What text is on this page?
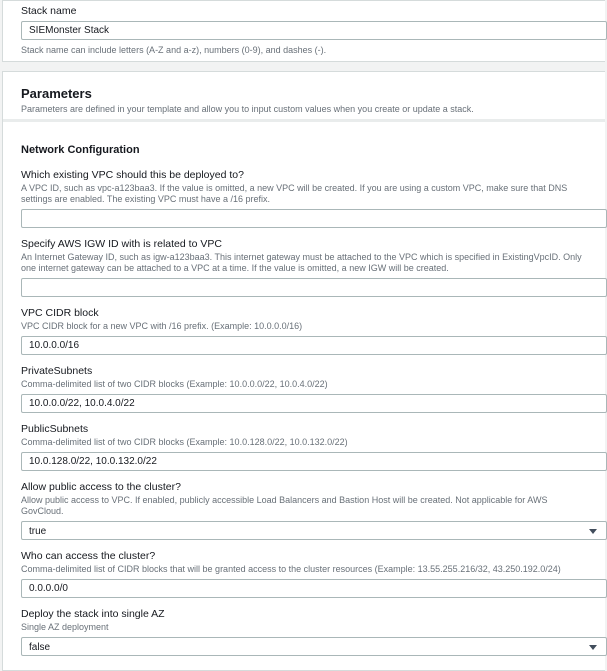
Stack name
SIEMonster Stack
Stack name can include letters (A-Z and a-z), numbers (0-9), and dashes (-).
Parameters
Parameters are defined in your template and allow you to input custom values when you create or update a stack.
Network Configuration
Which existing VPC should this be deployed to?
A VPC ID, such as vpc-a123baa3. If the value is omitted, a new VPC will be created. If you are using a custom VPC, make sure that DNS settings are enabled. The existing VPC must have a /16 prefix.
Specify AWS IGW ID with is related to VPC
An Internet Gateway ID, such as igw-a123baa3. This internet gateway must be attached to the VPC which is specified in ExistingVpcID. Only one internet gateway can be attached to a VPC at a time. If the value is omitted, a new IGW will be created.
VPC CIDR block
VPC CIDR block for a new VPC with /16 prefix. (Example: 10.0.0.0/16)
10.0.0.0/16
PrivateSubnets
Comma-delimited list of two CIDR blocks (Example: 10.0.0.0/22, 10.0.4.0/22)
10.0.0.0/22, 10.0.4.0/22
PublicSubnets
Comma-delimited list of two CIDR blocks (Example: 10.0.128.0/22, 10.0.132.0/22)
10.0.128.0/22, 10.0.132.0/22
Allow public access to the cluster?
Allow public access to VPC. If enabled, publicly accessible Load Balancers and Bastion Host will be created. Not applicable for AWS GovCloud.
true
Who can access the cluster?
Comma-delimited list of CIDR blocks that will be granted access to the cluster resources (Example: 13.55.255.216/32, 43.250.192.0/24)
0.0.0.0/0
Deploy the stack into single AZ
Single AZ deployment
false
